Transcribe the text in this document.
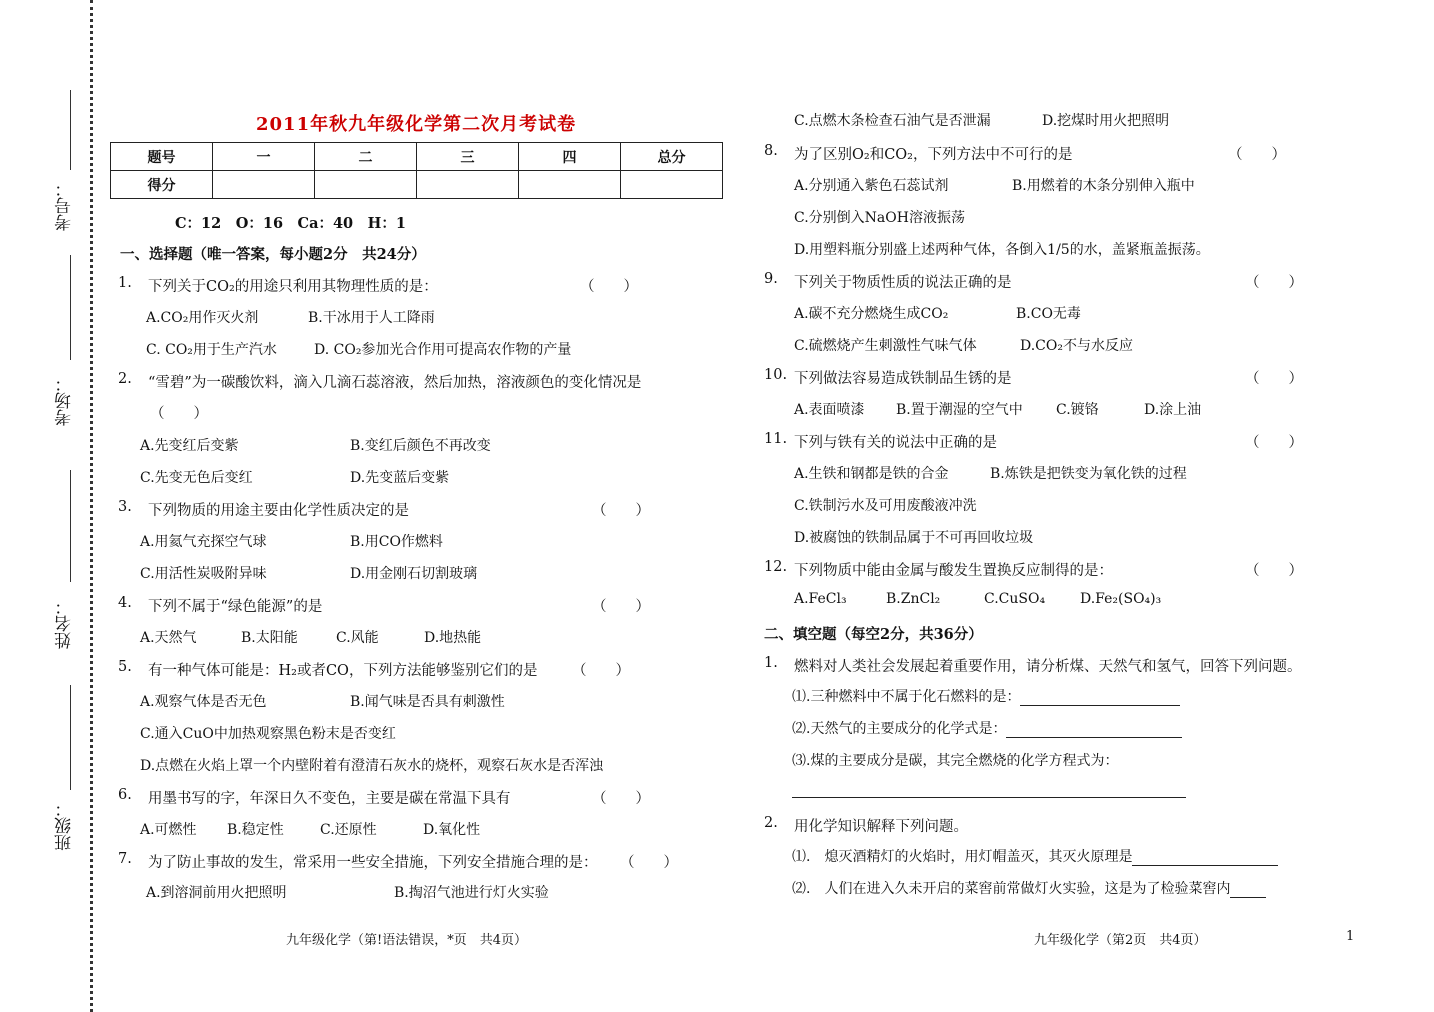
考号：
考场：
姓名：
班级：
2011年秋九年级化学第二次月考试卷
题号	一	二	三	四	总分
得分					
C：12　O：16　Ca：40　H：1
一、选择题（唯一答案，每小题2分　共24分）
1. 下列关于CO₂的用途只利用其物理性质的是：	（　　）
A.CO₂用作灭火剂	B.干冰用于人工降雨
C. CO₂用于生产汽水	D. CO₂参加光合作用可提高农作物的产量
2. “雪碧”为一碳酸饮料，滴入几滴石蕊溶液，然后加热，溶液颜色的变化情况是
（　　）
A.先变红后变紫	B.变红后颜色不再改变
C.先变无色后变红	D.先变蓝后变紫
3. 下列物质的用途主要由化学性质决定的是	（　　）
A.用氦气充探空气球	B.用CO作燃料
C.用活性炭吸附异味	D.用金刚石切割玻璃
4. 下列不属于“绿色能源”的是	（　　）
A.天然气	B.太阳能	C.风能	D.地热能
5. 有一种气体可能是：H₂或者CO，下列方法能够鉴别它们的是 （　　）
A.观察气体是否无色	B.闻气味是否具有刺激性
C.通入CuO中加热观察黑色粉末是否变红
D.点燃在火焰上罩一个内壁附着有澄清石灰水的烧杯，观察石灰水是否浑浊
6. 用墨书写的字，年深日久不变色，主要是碳在常温下具有	（　　）
A.可燃性 B.稳定性	C.还原性	D.氧化性
7. 为了防止事故的发生，常采用一些安全措施，下列安全措施合理的是： （　　）
A.到溶洞前用火把照明	B.掏沼气池进行灯火实验
C.点燃木条检查石油气是否泄漏	D.挖煤时用火把照明
8. 为了区别O₂和CO₂，下列方法中不可行的是	（　　）
A.分别通入紫色石蕊试剂	B.用燃着的木条分别伸入瓶中
C.分别倒入NaOH溶液振荡
D.用塑料瓶分别盛上述两种气体，各倒入1/5的水，盖紧瓶盖振荡。
9. 下列关于物质性质的说法正确的是	（　　）
A.碳不充分燃烧生成CO₂	B.CO无毒
C.硫燃烧产生刺激性气味气体	D.CO₂不与水反应
10. 下列做法容易造成铁制品生锈的是	（　　）
A.表面喷漆 B.置于潮湿的空气中 C.镀铬	D.涂上油
11. 下列与铁有关的说法中正确的是	（　　）
A.生铁和钢都是铁的合金	B.炼铁是把铁变为氧化铁的过程
C.铁制污水及可用废酸液冲洗
D.被腐蚀的铁制品属于不可再回收垃圾
12. 下列物质中能由金属与酸发生置换反应制得的是：	（　　）
A.FeCl₃	B.ZnCl₂	C.CuSO₄ D.Fe₂(SO₄)₃
二、填空题（每空2分，共36分）
1. 燃料对人类社会发展起着重要作用，请分析煤、天然气和氢气，回答下列问题。
⑴.三种燃料中不属于化石燃料的是：
⑵.天然气的主要成分的化学式是：
⑶.煤的主要成分是碳，其完全燃烧的化学方程式为：
2. 用化学知识解释下列问题。
⑴.　熄灭酒精灯的火焰时，用灯帽盖灭，其灭火原理是
⑵.　人们在进入久未开启的菜窖前常做灯火实验，这是为了检验菜窖内
九年级化学（第!语法错误，*页　共4页）	九年级化学（第2页　共4页）	1
